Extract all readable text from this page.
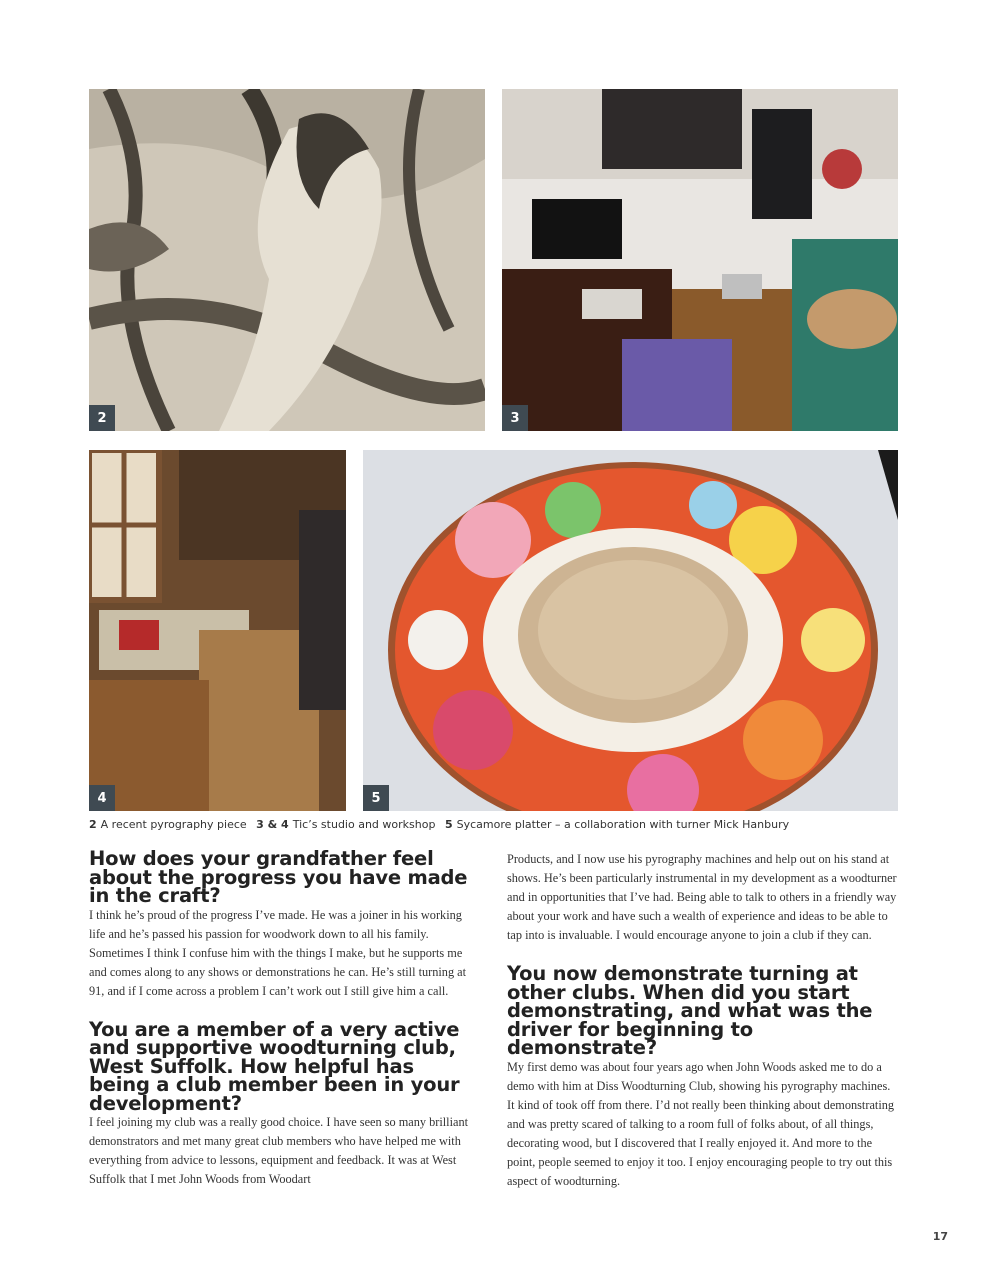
2	3
4	5
2 A recent pyrography piece 3 & 4 Tic’s studio and workshop 5 Sycamore platter – a collaboration with turner Mick Hanbury
How does your grandfather feel about the progress you have made in the craft?

I think he’s proud of the progress I’ve made. He was a joiner in his working life and he’s passed his passion for woodwork down to all his family. Sometimes I think I confuse him with the things I make, but he supports me and comes along to any shows or demonstrations he can. He’s still turning at 91, and if I come across a problem I can’t work out I still give him a call.

You are a member of a very active and supportive woodturning club, West Suffolk. How helpful has being a club member been in your development?

I feel joining my club was a really good choice. I have seen so many brilliant demonstrators and met many great club members who have helped me with everything from advice to lessons, equipment and feedback. It was at West Suffolk that I met John Woods from Woodart

Products, and I now use his pyrography machines and help out on his stand at shows. He’s been particularly instrumental in my development as a woodturner and in opportunities that I’ve had. Being able to talk to others in a friendly way about your work and have such a wealth of experience and ideas to be able to tap into is invaluable. I would encourage anyone to join a club if they can.

You now demonstrate turning at other clubs. When did you start demonstrating, and what was the driver for beginning to demonstrate?

My first demo was about four years ago when John Woods asked me to do a demo with him at Diss Woodturning Club, showing his pyrography machines. It kind of took off from there. I’d not really been thinking about demonstrating and was pretty scared of talking to a room full of folks about, of all things, decorating wood, but I discovered that I really enjoyed it. And more to the point, people seemed to enjoy it too. I enjoy encouraging people to try out this aspect of woodturning.

17
